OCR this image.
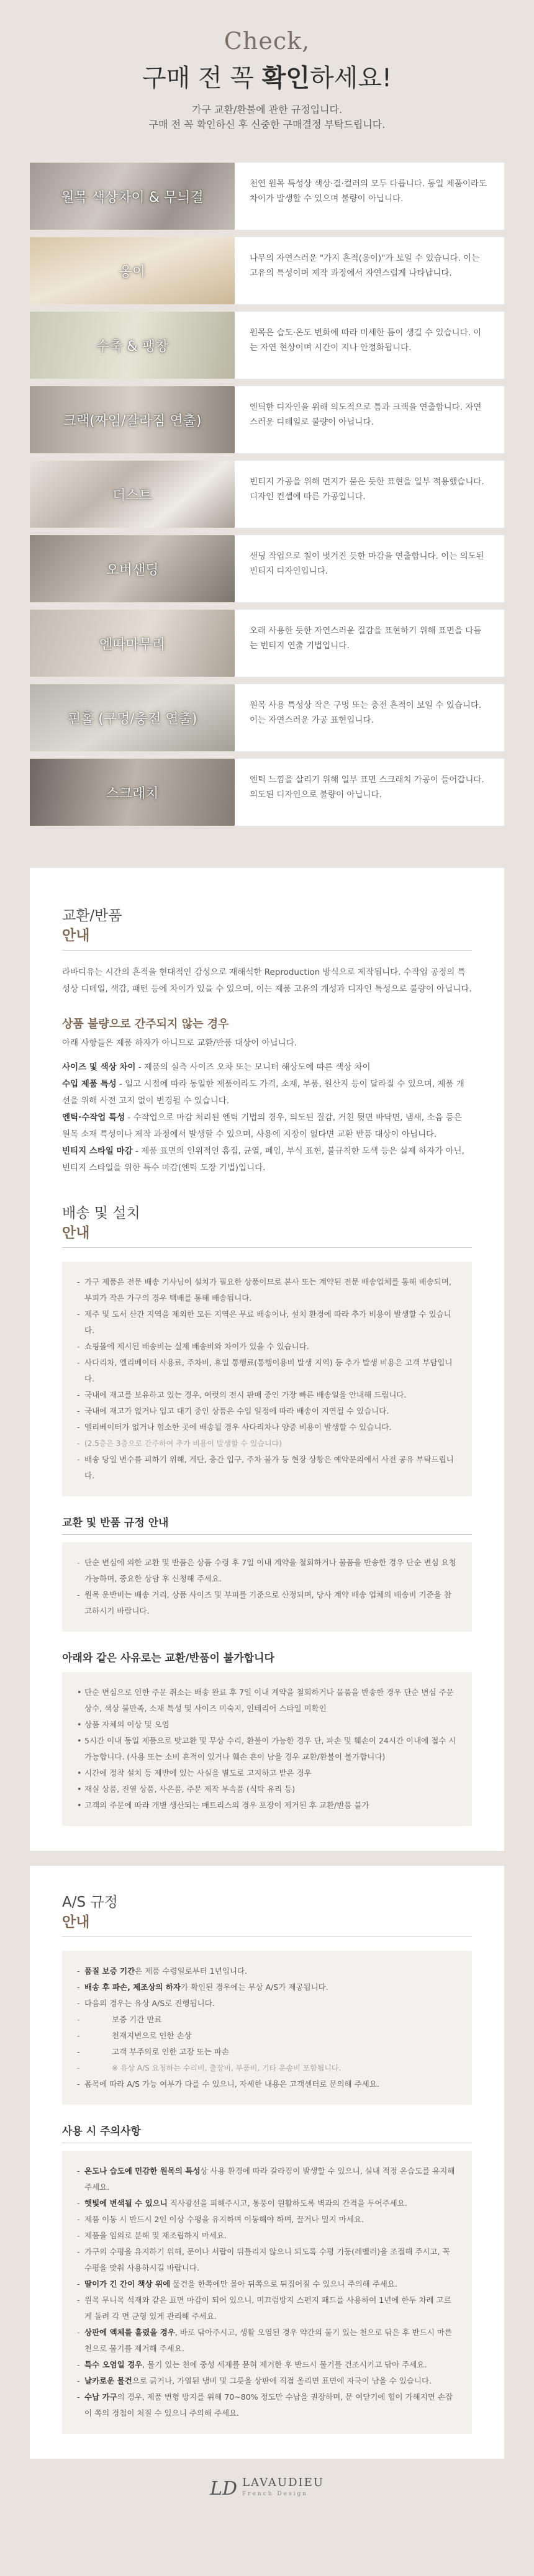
Check,
구매 전 꼭 확인하세요!
가구 교환/환불에 관한 규정입니다.
구매 전 꼭 확인하신 후 신중한 구매결정 부탁드립니다.
원목 색상차이 & 무늬결
천연 원목 특성상 색상·결·컬러의 모두 다릅니다. 동일 제품이라도 차이가 발생할 수 있으며 불량이 아닙니다.
옹이
나무의 자연스러운 "가지 흔적(옹이)"가 보일 수 있습니다. 이는 고유의 특성이며 제작 과정에서 자연스럽게 나타납니다.
수축 & 팽창
원목은 습도·온도 변화에 따라 미세한 틈이 생길 수 있습니다. 이는 자연 현상이며 시간이 지나 안정화됩니다.
크랙(짜임/갈라짐 연출)
엔틱한 디자인을 위해 의도적으로 틈과 크랙을 연출합니다. 자연스러운 디테일로 불량이 아닙니다.
더스트
빈티지 가공을 위해 먼지가 묻은 듯한 표현을 일부 적용했습니다. 디자인 컨셉에 따른 가공입니다.
오버샌딩
샌딩 작업으로 칠이 벗겨진 듯한 마감을 연출합니다. 이는 의도된 빈티지 디자인입니다.
엔따마무리
오래 사용한 듯한 자연스러운 질감을 표현하기 위해 표면을 다듬는 빈티지 연출 기법입니다.
핀홀 (구멍/충전 연출)
원목 사용 특성상 작은 구멍 또는 충전 흔적이 보일 수 있습니다. 이는 자연스러운 가공 표현입니다.
스크래치
엔틱 느낌을 살리기 위해 일부 표면 스크래치 가공이 들어갑니다. 의도된 디자인으로 불량이 아닙니다.
교환/반품
안내
라바디유는 시간의 흔적을 현대적인 감성으로 재해석한 Reproduction 방식으로 제작됩니다. 수작업 공정의 특성상 디테일, 색감, 패턴 등에 차이가 있을 수 있으며, 이는 제품 고유의 개성과 디자인 특성으로 불량이 아닙니다.
상품 불량으로 간주되지 않는 경우
아래 사항들은 제품 하자가 아니므로 교환/반품 대상이 아닙니다.
사이즈 및 색상 차이 - 제품의 실측 사이즈 오차 또는 모니터 해상도에 따른 색상 차이
수입 제품 특성 - 일고 시점에 따라 동일한 제품이라도 가격, 소재, 부품, 원산지 등이 달라질 수 있으며, 제품 개선을 위해 사전 고지 없이 변경될 수 있습니다.
엔틱·수작업 특성 - 수작업으로 마감 처리된 엔틱 기법의 경우, 의도된 질감, 거친 뒷면 바닥면, 냄새, 소음 등은 원목 소재 특성이나 제작 과정에서 발생할 수 있으며, 사용에 지장이 없다면 교환 반품 대상이 아닙니다.
빈티지 스타일 마감 - 제품 표면의 인위적인 흠집, 균열, 페임, 부식 표현, 불규칙한 도색 등은 실제 하자가 아닌, 빈티지 스타일을 위한 특수 마감(엔틱 도장 기법)입니다.
배송 및 설치
안내
- 가구 제품은 전문 배송 기사님이 설치가 필요한 상품이므로 본사 또는 계약된 전문 배송업체를 통해 배송되며, 부피가 작은 가구의 경우 택배를 통해 배송됩니다.
- 제주 및 도서 산간 지역을 제외한 모든 지역은 무료 배송이나, 설치 환경에 따라 추가 비용이 발생할 수 있습니다.
- 쇼핑몰에 제시된 배송비는 실제 배송비와 차이가 있을 수 있습니다.
- 사다리차, 엘리베이터 사용료, 주차비, 휴일 통행료(통행이용비 발생 지역) 등 추가 발생 비용은 고객 부담입니다.
- 국내에 재고를 보유하고 있는 경우, 여럿의 전시 판매 중인 가장 빠른 배송일을 안내해 드립니다.
- 국내에 재고가 없거나 입고 대기 중인 상품은 수입 일정에 따라 배송이 지연될 수 있습니다.
- 엘리베이터가 없거나 협소한 곳에 배송될 경우 사다리차나 양중 비용이 발생할 수 있습니다.
- (2.5층은 3층으로 간주하여 추가 비용이 발생할 수 있습니다)
- 배송 당일 변수를 피하기 위해, 계단, 층간 입구, 주차 불가 등 현장 상황은 예약문의에서 사전 공유 부탁드립니다.
교환 및 반품 규정 안내
- 단순 변심에 의한 교환 및 반품은 상품 수령 후 7일 이내 계약을 철회하거나 물품을 반송한 경우 단순 변심 요청 가능하며, 중요한 상담 후 신청해 주세요.
- 원목 운반비는 배송 거리, 상품 사이즈 및 부피를 기준으로 산정되며, 당사 계약 배송 업체의 배송비 기준을 참고하시기 바랍니다.
아래와 같은 사유로는 교환/반품이 불가합니다
• 단순 변심으로 인한 주문 취소는 배송 완료 후 7일 이내 계약을 철회하거나 물품을 반송한 경우 단순 변심 주문 상수, 색상 불만족, 소재 특성 및 사이즈 미숙지, 인테리어 스타일 미확인
• 상품 자체의 이상 및 오염
• 5시간 이내 동일 제품으로 맞교환 및 무상 수리, 환불이 가능한 경우 단, 파손 및 훼손이 24시간 이내에 접수 시 가능합니다. (사용 또는 소비 흔적이 있거나 훼손 흔이 남을 경우 교환/환불이 불가합니다)
• 시간에 정착 설치 등 제반에 있는 사실을 별도로 고지하고 받은 경우
• 재실 상품, 진열 상품, 사은품, 주문 제작 부속품 (식탁 유리 등)
• 고객의 주문에 따라 개별 생산되는 매트리스의 경우 포장이 제거된 후 교환/반품 불가
A/S 규정
안내
- 품질 보증 기간은 제품 수령일로부터 1년입니다.
- 배송 후 파손, 제조상의 하자가 확인된 경우에는 무상 A/S가 제공됩니다.
- 다음의 경우는 유상 A/S로 진행됩니다.
- 보증 기간 만료
- 천재지변으로 인한 손상
- 고객 부주의로 인한 고장 또는 파손
- ※ 유상 A/S 요청하는 수리비, 출장비, 부품비, 기타 운송비 포함됩니다.
- 폼목에 따라 A/S 가능 여부가 다를 수 있으니, 자세한 내용은 고객센터로 문의해 주세요.
사용 시 주의사항
- 온도나 습도에 민감한 원목의 특성상 사용 환경에 따라 갈라짐이 발생할 수 있으니, 실내 적정 온습도를 유지해 주세요.
- 햇빛에 변색될 수 있으니 직사광선을 피해주시고, 통풍이 원활하도록 벽과의 간격을 두어주세요.
- 제품 이동 시 반드시 2인 이상 수평을 유지하며 이동해야 하며, 끌거나 밀지 마세요.
- 제품을 임의로 분해 및 재조립하지 마세요.
- 가구의 수평을 유지하기 위해, 문이나 서랍이 뒤틀리지 않으니 되도록 수평 기둥(레벨러)을 조절해 주시고, 꼭 수평을 맞춰 사용하시길 바랍니다.
- 딸이가 긴 간이 책상 위에 물건을 한쪽에만 몰아 뒤쪽으로 뒤집어질 수 있으니 주의해 주세요.
- 원목 무니목 석재와 같은 표면 마감이 되어 있으니, 미끄럼방지 스펀지 패드를 사용하여 1년에 한두 차례 고르게 돌려 각 면 균형 있게 관리해 주세요.
- 상판에 액체를 흘렸을 경우, 바로 닦아주시고, 생활 오염된 경우 약간의 물기 있는 천으로 닦은 후 반드시 마른 천으로 물기를 제거해 주세요.
- 특수 오염일 경우, 물기 있는 천에 중성 세제를 묻혀 제거한 후 반드시 물기를 건조시키고 닦아 주세요.
- 날카로운 물건으로 긁거나, 가열된 냄비 및 그릇을 상판에 직접 올리면 표면에 자국이 남을 수 있습니다.
- 수납 가구의 경우, 제품 변형 방지를 위해 70~80% 정도만 수납을 권장하며, 문 여닫기에 힘이 가해지면 손잡이 쪽의 경첩이 처질 수 있으니 주의해 주세요.
LD LAVAUDIEU
French Design
